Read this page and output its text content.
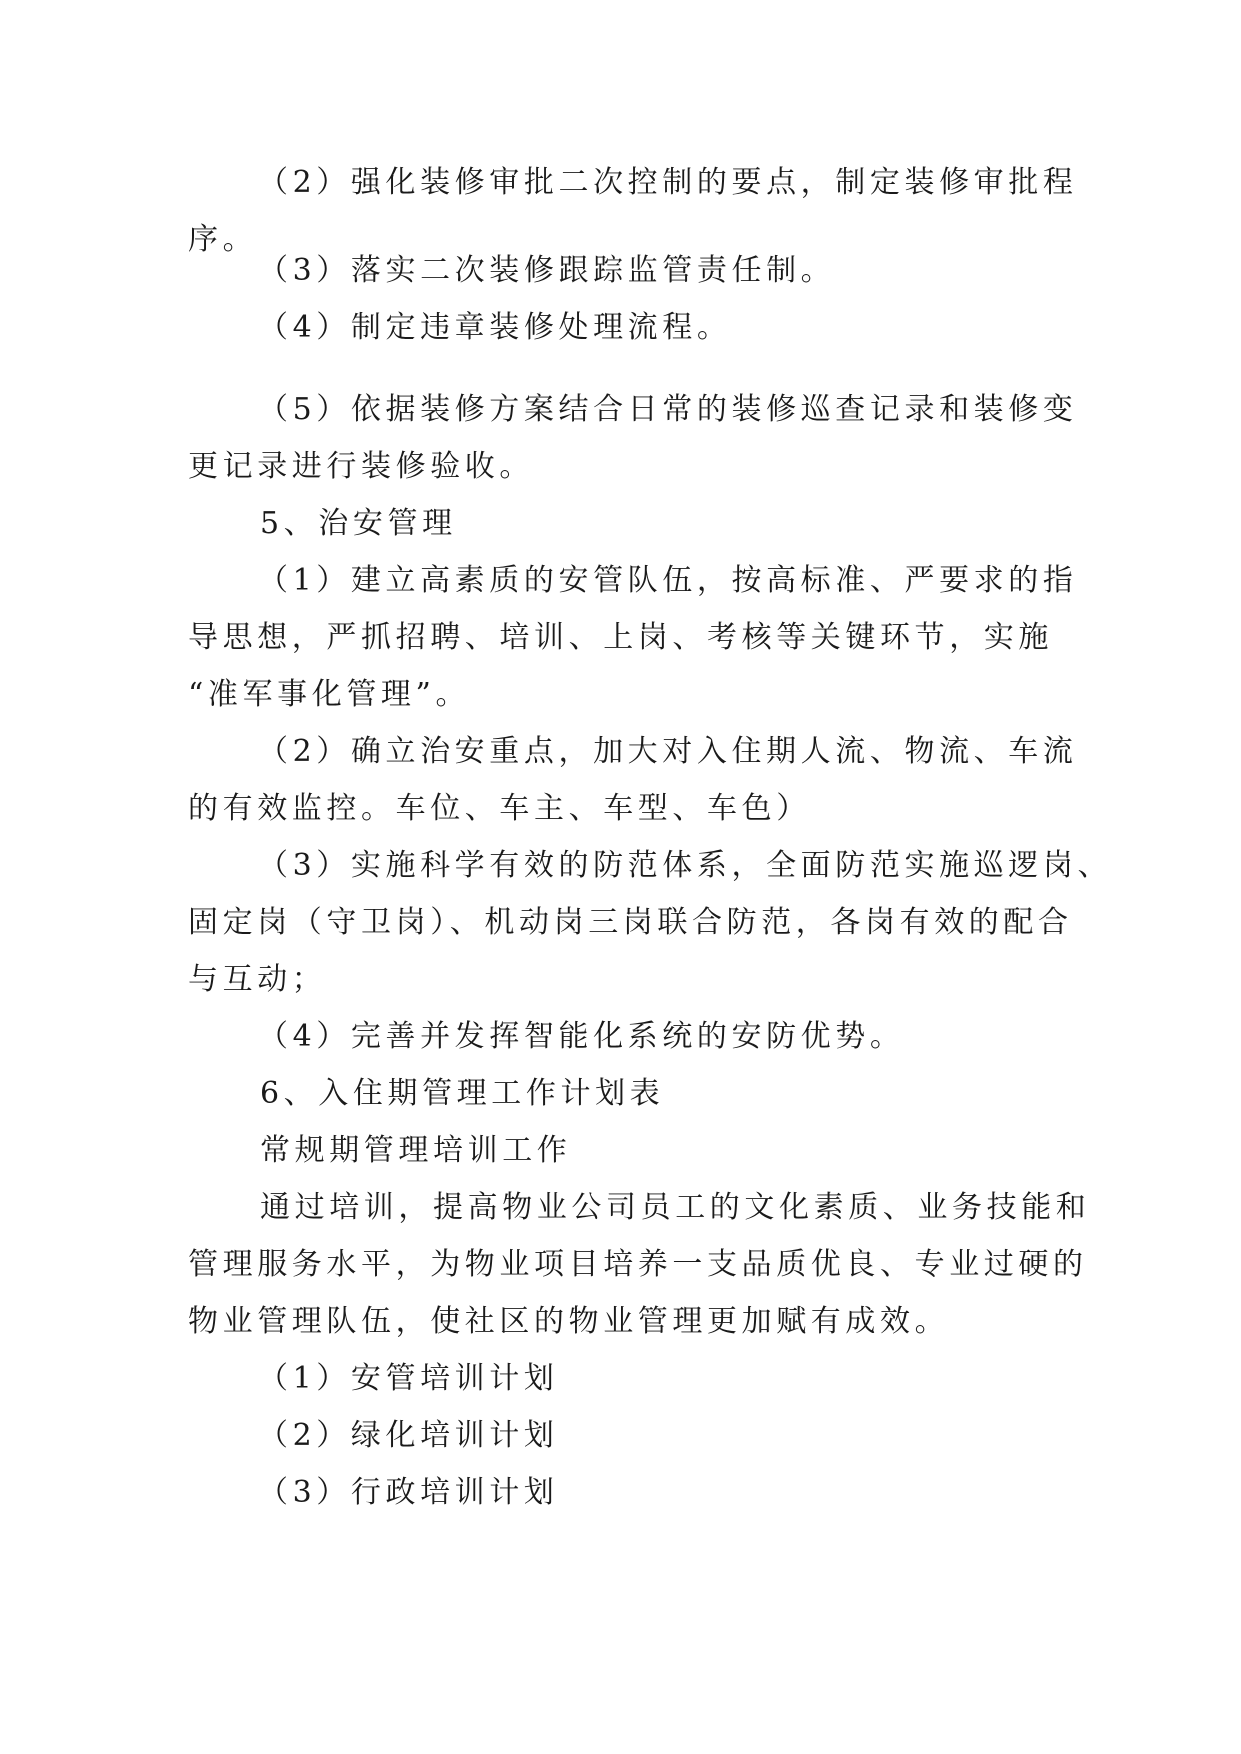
（2）强化装修审批二次控制的要点，制定装修审批程
序。
（3）落实二次装修跟踪监管责任制。
（4）制定违章装修处理流程。
（5）依据装修方案结合日常的装修巡查记录和装修变
更记录进行装修验收。
5、治安管理
（1）建立高素质的安管队伍，按高标准、严要求的指
导思想，严抓招聘、培训、上岗、考核等关键环节，实施
“准军事化管理”。
（2）确立治安重点，加大对入住期人流、物流、车流
的有效监控。车位、车主、车型、车色）
（3）实施科学有效的防范体系，全面防范实施巡逻岗、
固定岗（守卫岗）、机动岗三岗联合防范，各岗有效的配合
与互动；
（4）完善并发挥智能化系统的安防优势。
6、入住期管理工作计划表
常规期管理培训工作
通过培训，提高物业公司员工的文化素质、业务技能和
管理服务水平，为物业项目培养一支品质优良、专业过硬的
物业管理队伍，使社区的物业管理更加赋有成效。
（1）安管培训计划
（2）绿化培训计划
（3）行政培训计划
